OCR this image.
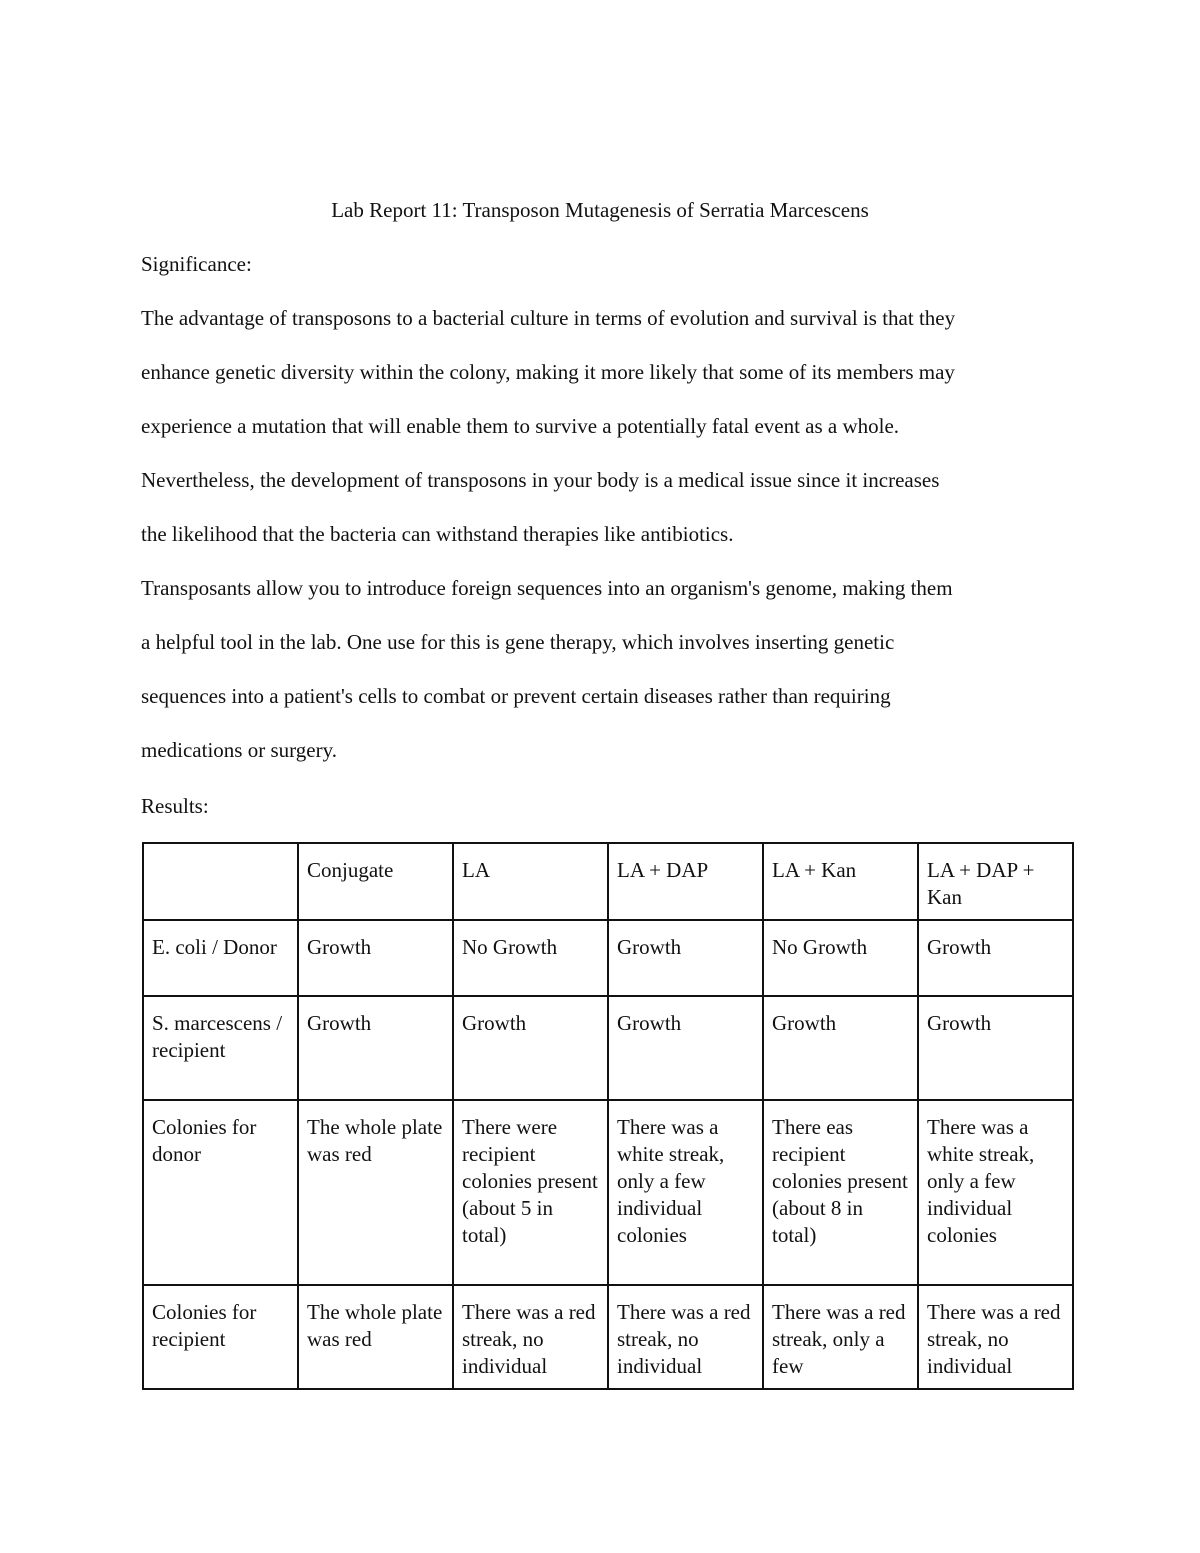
Lab Report 11: Transposon Mutagenesis of Serratia Marcescens
Significance:
The advantage of transposons to a bacterial culture in terms of evolution and survival is that they
enhance genetic diversity within the colony, making it more likely that some of its members may
experience a mutation that will enable them to survive a potentially fatal event as a whole.
Nevertheless, the development of transposons in your body is a medical issue since it increases
the likelihood that the bacteria can withstand therapies like antibiotics.
Transposants allow you to introduce foreign sequences into an organism's genome, making them
a helpful tool in the lab. One use for this is gene therapy, which involves inserting genetic
sequences into a patient's cells to combat or prevent certain diseases rather than requiring
medications or surgery.
Results:

	Conjugate	LA	LA + DAP	LA + Kan	LA + DAP + Kan

E. coli / Donor	Growth	No Growth	Growth	No Growth	Growth

S. marcescens / recipient	Growth	Growth	Growth	Growth	Growth

Colonies for donor	The whole plate was red	There were recipient colonies present (about 5 in total)	There was a white streak, only a few individual colonies	There eas recipient colonies present (about 8 in total)	There was a white streak, only a few individual colonies

Colonies for recipient	The whole plate was red	There was a red streak, no individual	There was a red streak, no individual	There was a red streak, only a few	There was a red streak, no individual
